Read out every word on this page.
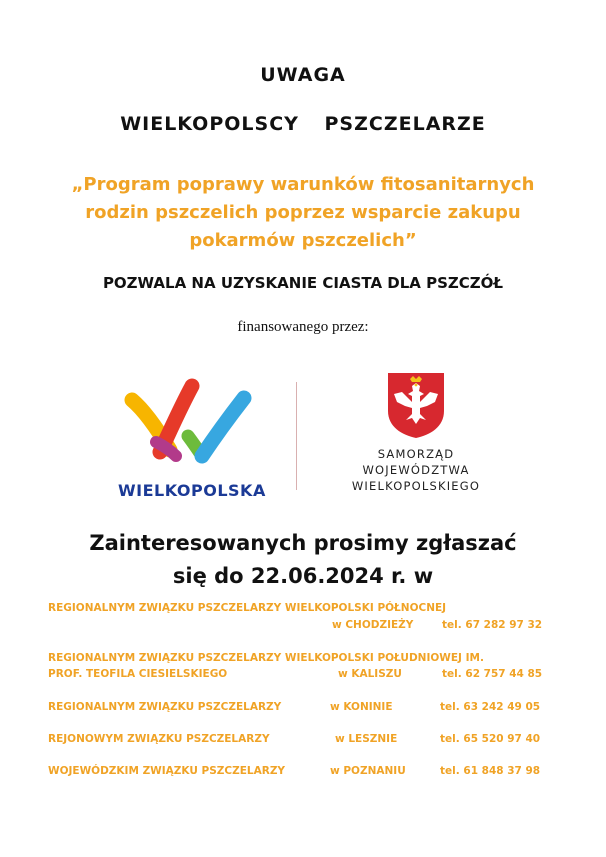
UWAGA
WIELKOPOLSCY PSZCZELARZE
„Program poprawy warunków fitosanitarnych
rodzin pszczelich poprzez wsparcie zakupu
pokarmów pszczelich”
POZWALA NA UZYSKANIE CIASTA DLA PSZCZÓŁ
finansowanego przez:
WIELKOPOLSKA
SAMORZĄD
WOJEWÓDZTWA
WIELKOPOLSKIEGO
Zainteresowanych prosimy zgłaszać
się do 22.06.2024 r. w
REGIONALNYM ZWIĄZKU PSZCZELARZY WIELKOPOLSKI PÓŁNOCNEJ
w CHODZIEŻY	tel. 67 282 97 32
REGIONALNYM ZWIĄZKU PSZCZELARZY WIELKOPOLSKI POŁUDNIOWEJ IM.
PROF. TEOFILA CIESIELSKIEGO	w KALISZU	tel. 62 757 44 85
REGIONALNYM ZWIĄZKU PSZCZELARZY	w KONINIE	tel. 63 242 49 05
REJONOWYM ZWIĄZKU PSZCZELARZY	w LESZNIE	tel. 65 520 97 40
WOJEWÓDZKIM ZWIĄZKU PSZCZELARZY	w POZNANIU	tel. 61 848 37 98
